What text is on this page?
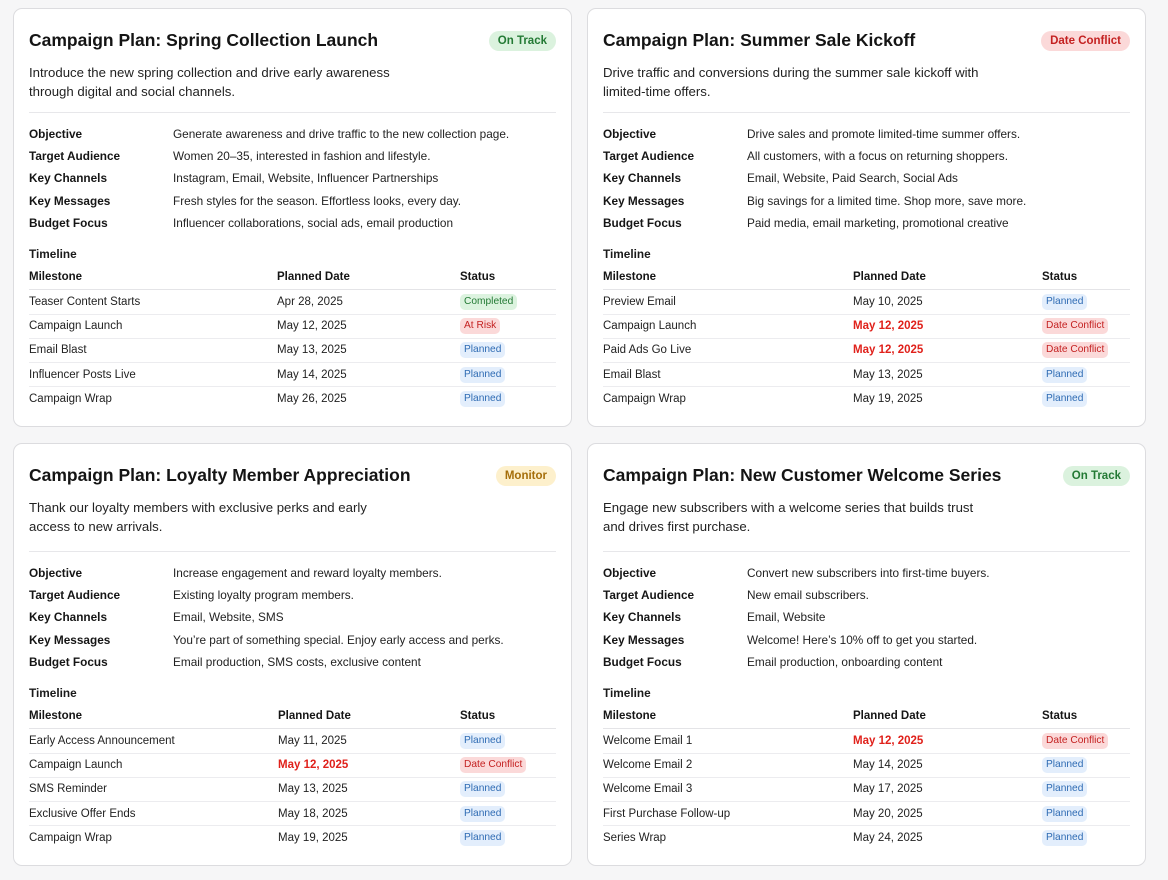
Campaign Plan: Spring Collection Launch	On Track

Introduce the new spring collection and drive early awareness through digital and social channels.

Objective	Generate awareness and drive traffic to the new collection page.
Target Audience	Women 20–35, interested in fashion and lifestyle.
Key Channels	Instagram, Email, Website, Influencer Partnerships
Key Messages	Fresh styles for the season. Effortless looks, every day.
Budget Focus	Influencer collaborations, social ads, email production
Timeline
Milestone	Planned Date	Status
Teaser Content Starts	Apr 28, 2025	Completed
Campaign Launch	May 12, 2025	At Risk
Email Blast	May 13, 2025	Planned
Influencer Posts Live	May 14, 2025	Planned
Campaign Wrap	May 26, 2025	Planned
Campaign Plan: Summer Sale Kickoff	Date Conflict

Drive traffic and conversions during the summer sale kickoff with limited-time offers.

Objective	Drive sales and promote limited-time summer offers.
Target Audience	All customers, with a focus on returning shoppers.
Key Channels	Email, Website, Paid Search, Social Ads
Key Messages	Big savings for a limited time. Shop more, save more.
Budget Focus	Paid media, email marketing, promotional creative
Timeline
Milestone	Planned Date	Status
Preview Email	May 10, 2025	Planned
Campaign Launch	May 12, 2025	Date Conflict
Paid Ads Go Live	May 12, 2025	Date Conflict
Email Blast	May 13, 2025	Planned
Campaign Wrap	May 19, 2025	Planned
Campaign Plan: Loyalty Member Appreciation	Monitor

Thank our loyalty members with exclusive perks and early access to new arrivals.

Objective	Increase engagement and reward loyalty members.
Target Audience	Existing loyalty program members.
Key Channels	Email, Website, SMS
Key Messages	You’re part of something special. Enjoy early access and perks.
Budget Focus	Email production, SMS costs, exclusive content
Timeline
Milestone	Planned Date	Status
Early Access Announcement	May 11, 2025	Planned
Campaign Launch	May 12, 2025	Date Conflict
SMS Reminder	May 13, 2025	Planned
Exclusive Offer Ends	May 18, 2025	Planned
Campaign Wrap	May 19, 2025	Planned
Campaign Plan: New Customer Welcome Series	On Track

Engage new subscribers with a welcome series that builds trust and drives first purchase.

Objective	Convert new subscribers into first-time buyers.
Target Audience	New email subscribers.
Key Channels	Email, Website
Key Messages	Welcome! Here’s 10% off to get you started.
Budget Focus	Email production, onboarding content
Timeline
Milestone	Planned Date	Status
Welcome Email 1	May 12, 2025	Date Conflict
Welcome Email 2	May 14, 2025	Planned
Welcome Email 3	May 17, 2025	Planned
First Purchase Follow-up	May 20, 2025	Planned
Series Wrap	May 24, 2025	Planned
